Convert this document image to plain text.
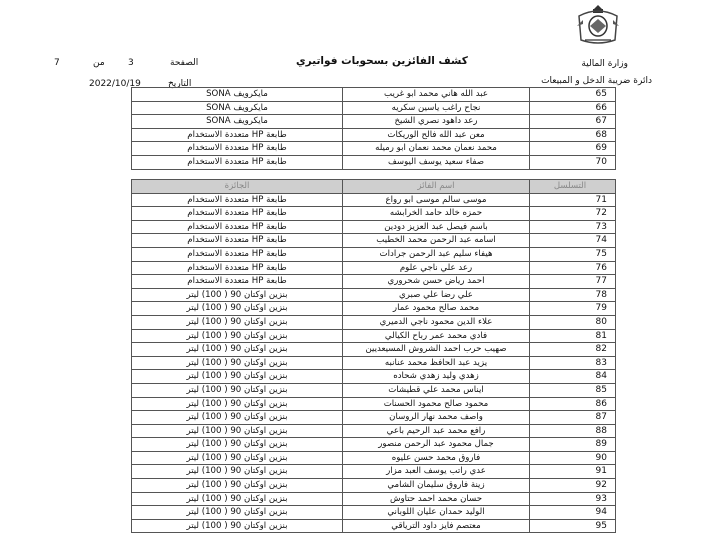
وزارة المالية
دائرة ضريبة الدخل و المبيعات
كشف الفائزين بسحوبات فواتيري
الصفحة
3
من
7
التاريخ
2022/10/19
65	عبد الله هاني محمد ابو غريب	مايكرويف SONA
66	نجاح راغب ياسين سكريه	مايكرويف SONA
67	رعد داهود نصري الشيخ	مايكرويف SONA
68	معن عبد الله فالح الوريكات	طابعة HP متعددة الاستخدام
69	محمد نعمان محمد نعمان ابو رميله	طابعة HP متعددة الاستخدام
70	صفاء سعيد يوسف اليوسف	طابعة HP متعددة الاستخدام
التسلسل	اسم الفائز	الجائزة
71	موسى سالم موسى ابو رواع	طابعة HP متعددة الاستخدام
72	حمزه خالد حامد الخرابشه	طابعة HP متعددة الاستخدام
73	باسم فيصل عبد العزيز دودين	طابعة HP متعددة الاستخدام
74	اسامه عبد الرحمن محمد الخطيب	طابعة HP متعددة الاستخدام
75	هيفاء سليم عبد الرحمن جرادات	طابعة HP متعددة الاستخدام
76	رعد علي ناجي علوم	طابعة HP متعددة الاستخدام
77	احمد رياض حسن شحروري	طابعة HP متعددة الاستخدام
78	علي رضا علي صبري	بنزين اوكتان 90 ( 100) ليتر
79	محمد صالح محمود عمار	بنزين اوكتان 90 ( 100) ليتر
80	علاء الدين محمود ناجي الدميري	بنزين اوكتان 90 ( 100) ليتر
81	فادي محمد عمر رباح الكيالي	بنزين اوكتان 90 ( 100) ليتر
82	صهيب حرب احمد الشروش المسيعديين	بنزين اوكتان 90 ( 100) ليتر
83	يزيد عبد الحافظ محمد عنانبه	بنزين اوكتان 90 ( 100) ليتر
84	زهدي وليد زهدي شحاده	بنزين اوكتان 90 ( 100) ليتر
85	ايناس محمد علي قطيشات	بنزين اوكتان 90 ( 100) ليتر
86	محمود صالح محمود الحسنات	بنزين اوكتان 90 ( 100) ليتر
87	واصف محمد نهار الروسان	بنزين اوكتان 90 ( 100) ليتر
88	رافع محمد عبد الرحيم باعي	بنزين اوكتان 90 ( 100) ليتر
89	جمال محمود عبد الرحمن منصور	بنزين اوكتان 90 ( 100) ليتر
90	فاروق محمد حسن عليوه	بنزين اوكتان 90 ( 100) ليتر
91	عدي راتب يوسف العبد مزار	بنزين اوكتان 90 ( 100) ليتر
92	زينة فاروق سليمان الشامي	بنزين اوكتان 90 ( 100) ليتر
93	حسان محمد احمد حتاوش	بنزين اوكتان 90 ( 100) ليتر
94	الوليد حمدان عليان اللوباني	بنزين اوكتان 90 ( 100) ليتر
95	معتصم فايز داود الترياقي	بنزين اوكتان 90 ( 100) ليتر
